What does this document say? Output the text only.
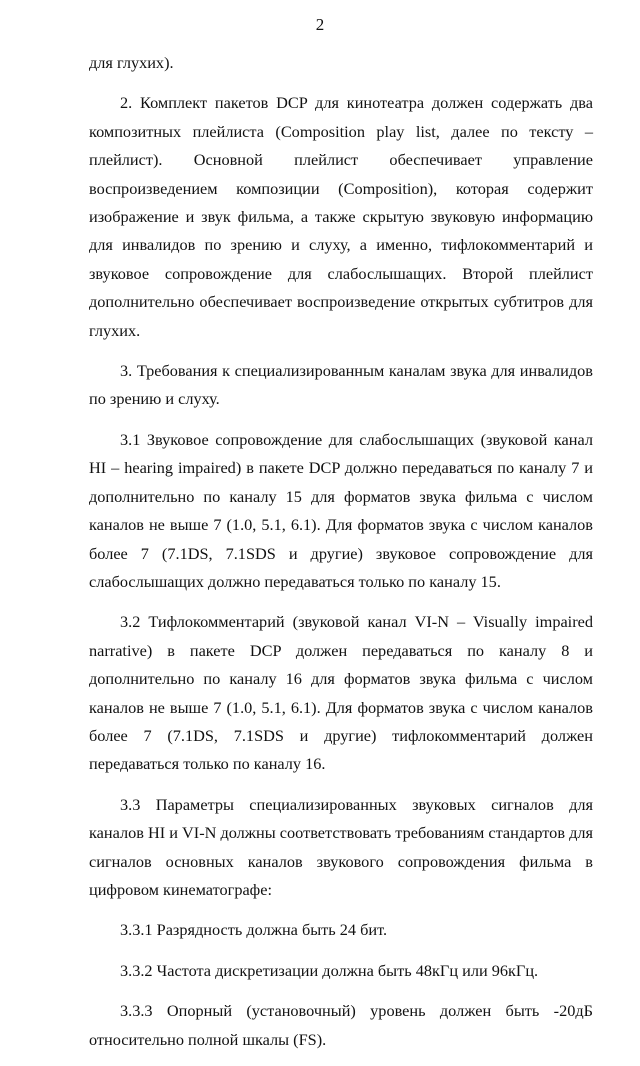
2

для глухих).

2. Комплект пакетов DCP для кинотеатра должен содержать два композитных плейлиста (Composition play list, далее по тексту – плейлист). Основной плейлист обеспечивает управление воспроизведением композиции (Composition), которая содержит изображение и звук фильма, а также скрытую звуковую информацию для инвалидов по зрению и слуху, а именно, тифлокомментарий и звуковое сопровождение для слабослышащих. Второй плейлист дополнительно обеспечивает воспроизведение открытых субтитров для глухих.

3. Требования к специализированным каналам звука для инвалидов по зрению и слуху.

3.1 Звуковое сопровождение для слабослышащих (звуковой канал HI – hearing impaired) в пакете DCP должно передаваться по каналу 7 и дополнительно по каналу 15 для форматов звука фильма с числом каналов не выше 7 (1.0, 5.1, 6.1). Для форматов звука с числом каналов более 7 (7.1DS, 7.1SDS и другие) звуковое сопровождение для слабослышащих должно передаваться только по каналу 15.

3.2 Тифлокомментарий (звуковой канал VI-N – Visually impaired narrative) в пакете DCP должен передаваться по каналу 8 и дополнительно по каналу 16 для форматов звука фильма с числом каналов не выше 7 (1.0, 5.1, 6.1). Для форматов звука с числом каналов более 7 (7.1DS, 7.1SDS и другие) тифлокомментарий должен передаваться только по каналу 16.

3.3 Параметры специализированных звуковых сигналов для каналов HI и VI-N должны соответствовать требованиям стандартов для сигналов основных каналов звукового сопровождения фильма в цифровом кинематографе:

3.3.1 Разрядность должна быть 24 бит.

3.3.2 Частота дискретизации должна быть 48кГц или 96кГц.

3.3.3 Опорный (установочный) уровень должен быть -20дБ относительно полной шкалы (FS).
